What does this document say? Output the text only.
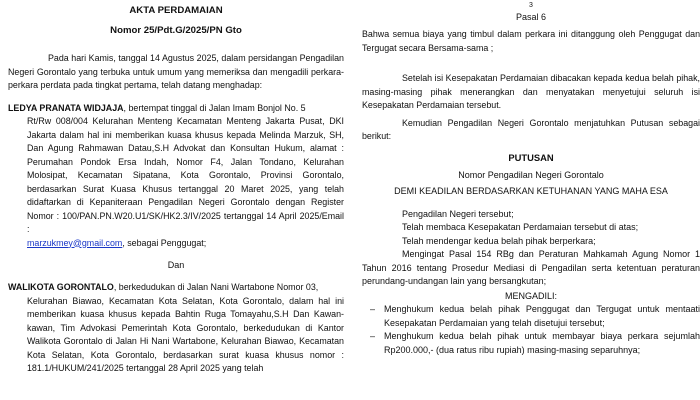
AKTA PERDAMAIAN
Nomor 25/Pdt.G/2025/PN Gto

Pada hari Kamis, tanggal 14 Agustus 2025, dalam persidangan Pengadilan Negeri Gorontalo yang terbuka untuk umum yang memeriksa dan mengadili perkara-perkara perdata pada tingkat pertama, telah datang menghadap:

LEDYA PRANATA WIDJAJA, bertempat tinggal di Jalan Imam Bonjol No. 5
Rt/Rw 008/004 Kelurahan Menteng Kecamatan Menteng Jakarta Pusat, DKI Jakarta dalam hal ini memberikan kuasa khusus kepada Melinda Marzuk, SH, Dan Agung Rahmawan Datau,S.H Advokat dan Konsultan Hukum, alamat : Perumahan Pondok Ersa Indah, Nomor F4, Jalan Tondano, Kelurahan Molosipat, Kecamatan Sipatana, Kota Gorontalo, Provinsi Gorontalo, berdasarkan Surat Kuasa Khusus tertanggal 20 Maret 2025, yang telah didaftarkan di Kepaniteraan Pengadilan Negeri Gorontalo dengan Register Nomor : 100/PAN.PN.W20.U1/SK/HK2.3/IV/2025 tertanggal 14 April 2025/Email :
marzukmey@gmail.com, sebagai Penggugat;
Dan
WALIKOTA GORONTALO, berkedudukan di Jalan Nani Wartabone Nomor 03,
Kelurahan Biawao, Kecamatan Kota Selatan, Kota Gorontalo, dalam hal ini memberikan kuasa khusus kepada Bahtin Ruga Tomayahu,S.H Dan Kawan-kawan, Tim Advokasi Pemerintah Kota Gorontalo, berkedudukan di Kantor Walikota Gorontalo di Jalan Hi Nani Wartabone, Kelurahan Biawao, Kecamatan Kota Selatan, Kota Gorontalo, berdasarkan surat kuasa khusus nomor : 181.1/HUKUM/241/2025 tertanggal 28 April 2025 yang telah
3
Pasal 6

Bahwa semua biaya yang timbul dalam perkara ini ditanggung oleh Penggugat dan Tergugat secara Bersama-sama ;

Setelah isi Kesepakatan Perdamaian dibacakan kepada kedua belah pihak, masing-masing pihak menerangkan dan menyatakan menyetujui seluruh isi Kesepakatan Perdamaian tersebut.

Kemudian Pengadilan Negeri Gorontalo menjatuhkan Putusan sebagai berikut:

PUTUSAN
Nomor Pengadilan Negeri Gorontalo
DEMI KEADILAN BERDASARKAN KETUHANAN YANG MAHA ESA

Pengadilan Negeri tersebut;

Telah membaca Kesepakatan Perdamaian tersebut di atas;

Telah mendengar kedua belah pihak berperkara;

Mengingat Pasal 154 RBg dan Peraturan Mahkamah Agung Nomor 1 Tahun 2016 tentang Prosedur Mediasi di Pengadilan serta ketentuan peraturan perundang-undangan lain yang bersangkutan;

MENGADILI:
– Menghukum kedua belah pihak Penggugat dan Tergugat untuk mentaati Kesepakatan Perdamaian yang telah disetujui tersebut;
– Menghukum kedua belah pihak untuk membayar biaya perkara sejumlah Rp200.000,- (dua ratus ribu rupiah) masing-masing separuhnya;
